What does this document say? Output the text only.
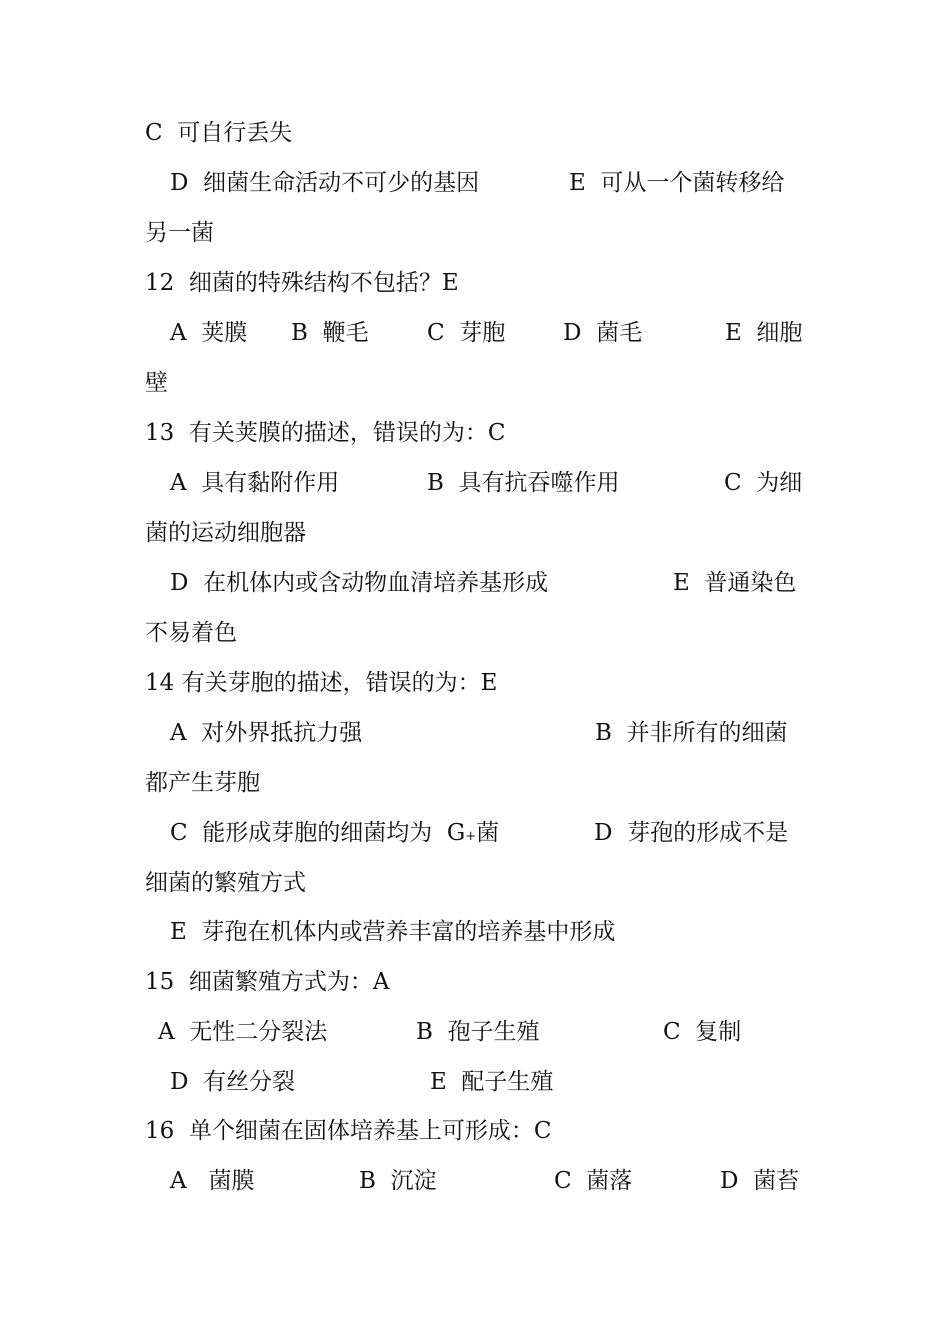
C  可自行丢失
D  细菌生命活动不可少的基因	E  可从一个菌转移给
另一菌
12  细菌的特殊结构不包括？E
A  荚膜 B  鞭毛	C  芽胞	D  菌毛	E  细胞
壁
13  有关荚膜的描述，错误的为：C
A  具有黏附作用	B  具有抗吞噬作用	C  为细
菌的运动细胞器
D  在机体内或含动物血清培养基形成	E  普通染色
不易着色
14 有关芽胞的描述，错误的为：E
A  对外界抵抗力强	B  并非所有的细菌
都产生芽胞
C  能形成芽胞的细菌均为  G+菌	D  芽孢的形成不是
细菌的繁殖方式
E  芽孢在机体内或营养丰富的培养基中形成
15  细菌繁殖方式为：A
A  无性二分裂法	B  孢子生殖	C  复制
D  有丝分裂	E  配子生殖
16  单个细菌在固体培养基上可形成：C
A   菌膜	B  沉淀	C  菌落	D  菌苔
